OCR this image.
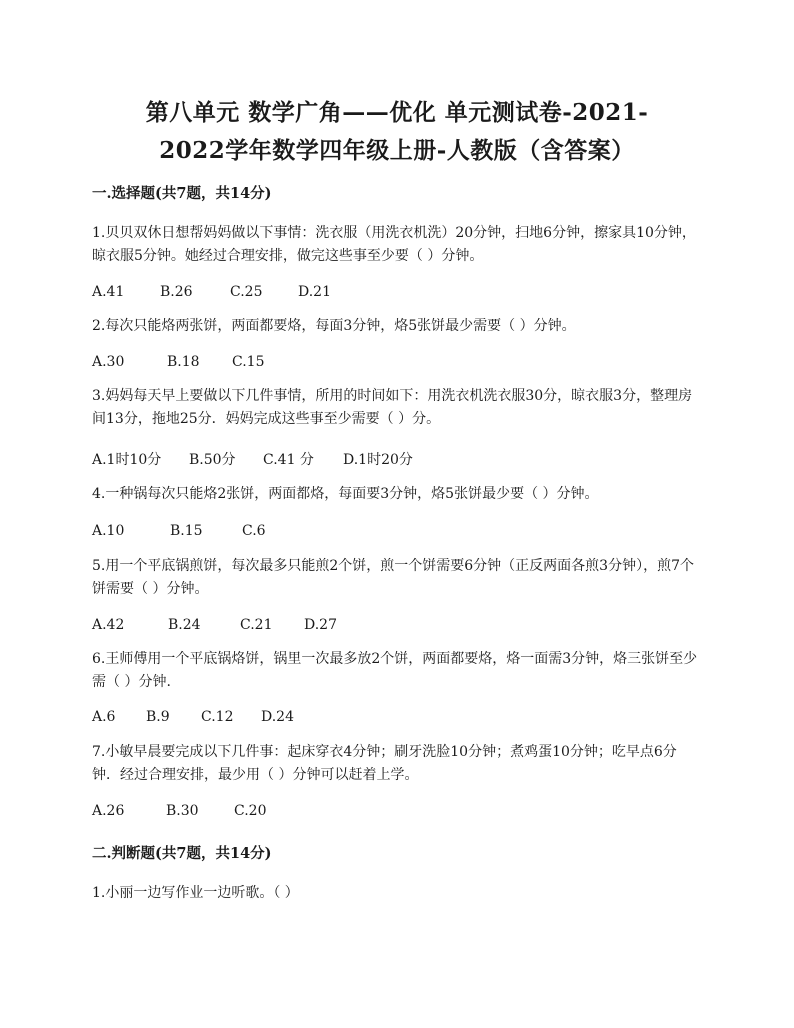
第八单元 数学广角——优化 单元测试卷-2021-
2022学年数学四年级上册-人教版（含答案）
一.选择题(共7题，共14分)
1.贝贝双休日想帮妈妈做以下事情：洗衣服（用洗衣机洗）20分钟，扫地6分钟，擦家具10分钟，晾衣服5分钟。她经过合理安排，做完这些事至少要（ ）分钟。
A.41	B.26	C.25	D.21
2.每次只能烙两张饼，两面都要烙，每面3分钟，烙5张饼最少需要（ ）分钟。
A.30	B.18 C.15
3.妈妈每天早上要做以下几件事情，所用的时间如下：用洗衣机洗衣服30分，晾衣服3分，整理房间13分，拖地25分．妈妈完成这些事至少需要（ ）分。
A.1时10分 B.50分 C.41 分 D.1时20分
4.一种锅每次只能烙2张饼，两面都烙，每面要3分钟，烙5张饼最少要（ ）分钟。
A.10	B.15	C.6
5.用一个平底锅煎饼，每次最多只能煎2个饼，煎一个饼需要6分钟（正反两面各煎3分钟），煎7个饼需要（ ）分钟。
A.42	B.24	C.21 D.27
6.王师傅用一个平底锅烙饼，锅里一次最多放2个饼，两面都要烙，烙一面需3分钟，烙三张饼至少需（ ）分钟.
A.6 B.9 C.12 D.24
7.小敏早晨要完成以下几件事：起床穿衣4分钟；刷牙洗脸10分钟；煮鸡蛋10分钟；吃早点6分钟．经过合理安排，最少用（ ）分钟可以赶着上学。
A.26	B.30	C.20
二.判断题(共7题，共14分)
1.小丽一边写作业一边听歌。（ ）
